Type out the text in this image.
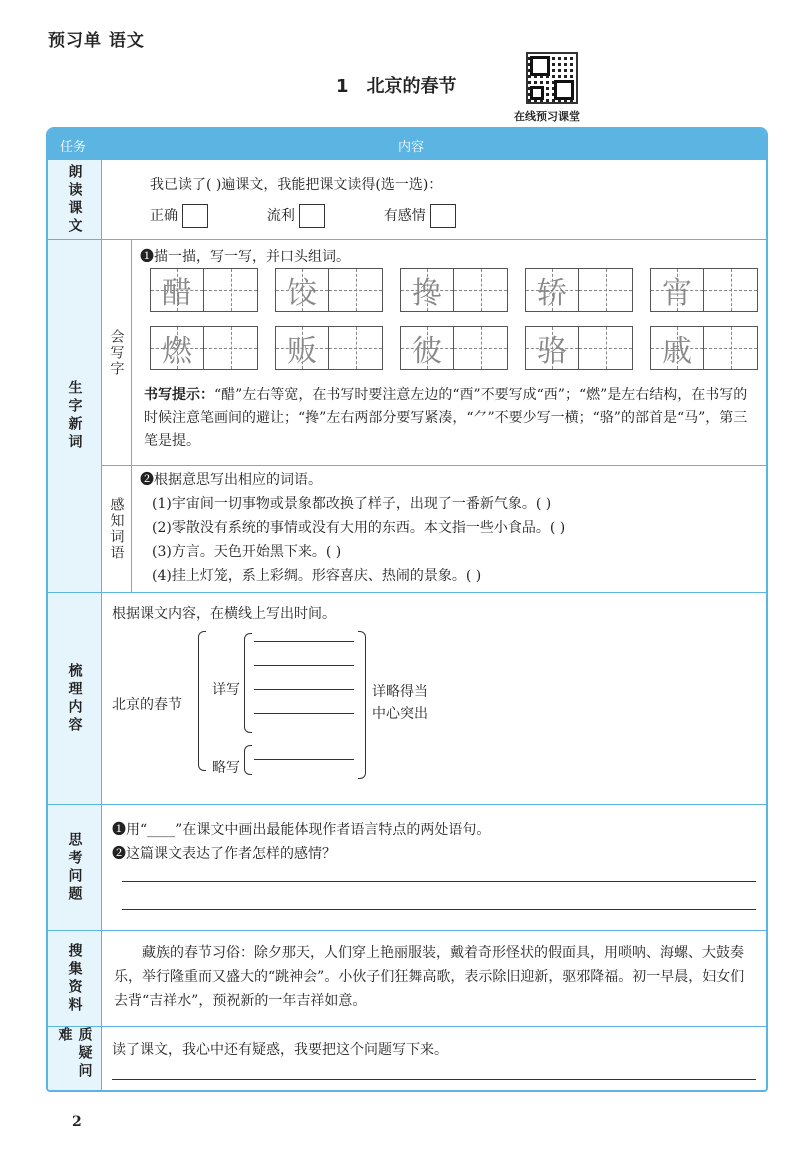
预习单 语文
1 北京的春节
在线预习课堂
任务	内容
朗读课文	我已读了( )遍课文，我能把课文读得(选一选)：
正确	流利	有感情
生字新词
会写字
❶描一描，写一写，并口头组词。
醋	饺	搀	轿	宵
燃	贩	彼	骆	戚
书写提示：“醋”左右等宽，在书写时要注意左边的“酉”不要写成“西”；“燃”是左右结构，在书写的时候注意笔画间的避让；“搀”左右两部分要写紧凑，“⺈”不要少写一横；“骆”的部首是“马”，第三笔是提。
感知词语
❷根据意思写出相应的词语。
(1)宇宙间一切事物或景象都改换了样子，出现了一番新气象。( )
(2)零散没有系统的事情或没有大用的东西。本文指一些小食品。( )
(3)方言。天色开始黑下来。( )
(4)挂上灯笼，系上彩绸。形容喜庆、热闹的景象。( )
梳理内容
根据课文内容，在横线上写出时间。
北京的春节
详写
略写
详略得当
中心突出
思考问题
❶用“____”在课文中画出最能体现作者语言特点的两处语句。
❷这篇课文表达了作者怎样的感情？
搜集资料	藏族的春节习俗：除夕那天，人们穿上艳丽服装，戴着奇形怪状的假面具，用唢呐、海螺、大鼓奏乐，举行隆重而又盛大的“跳神会”。小伙子们狂舞高歌，表示除旧迎新，驱邪降福。初一早晨，妇女们去背“吉祥水”，预祝新的一年吉祥如意。
质疑问难
读了课文，我心中还有疑惑，我要把这个问题写下来。
2
